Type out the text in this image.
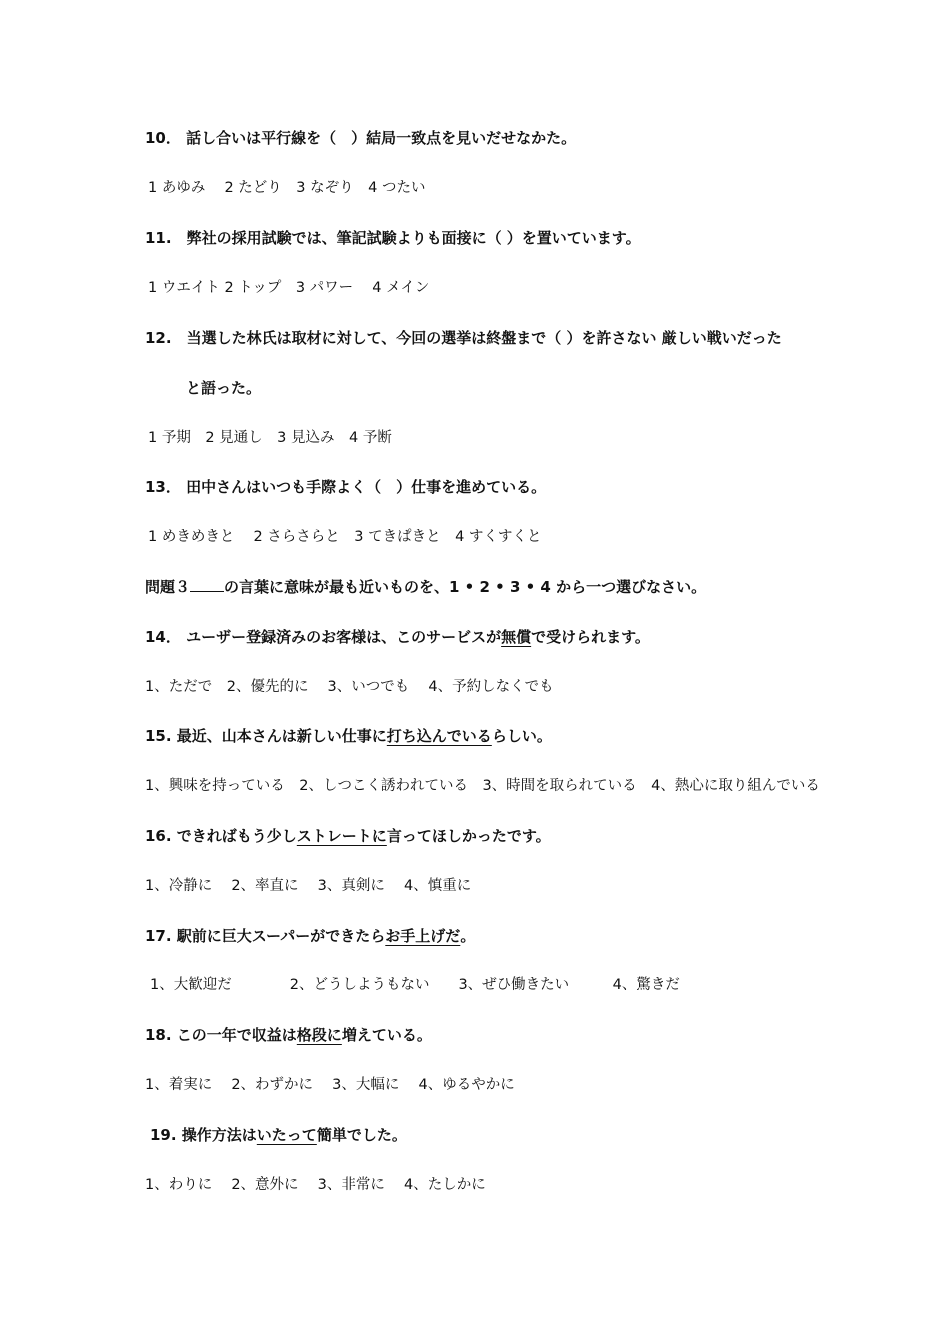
10． 話し合いは平行線を（　）結局一致点を見いだせなかた。
1 あゆみ　 2 たどり　3 なぞり　4 つたい
11.　弊社の採用試験では、筆記試験よりも面接に（ ）を置いています。
1 ウエイト 2 トップ　3 パワー　 4 メイン
12.　当選した林氏は取材に対して、今回の選挙は終盤まで（ ）を許さない 厳しい戦いだった
と語った。
1 予期　2 見通し　3 見込み　4 予断
13． 田中さんはいつも手際よく（　）仕事を進めている。
1 めきめきと　 2 さらさらと　3 てきぱきと　4 すくすくと
問題３ の言葉に意味が最も近いものを、1 • 2 • 3 • 4 から一つ選びなさい。
14． ユーザー登録済みのお客様は、このサービスが無償で受けられます。
1、ただで　2、優先的に　 3、いつでも　 4、予約しなくでも
15. 最近、山本さんは新しい仕事に打ち込んでいるらしい。
1、興味を持っている　2、しつこく誘われている　3、時間を取られている　4、熱心に取り組んでいる
16. できればもう少しストレートに言ってほしかったです。
1、冷静に　 2、率直に　 3、真剣に　 4、慎重に
17. 駅前に巨大スーパーができたらお手上げだ。
1、大歓迎だ　　　　2、どうしようもない　　3、ぜひ働きたい　　　4、驚きだ
18. この一年で収益は格段に増えている。
1、着実に　 2、わずかに　 3、大幅に　 4、ゆるやかに
19. 操作方法はいたって簡単でした。
1、わりに　 2、意外に　 3、非常に　 4、たしかに
